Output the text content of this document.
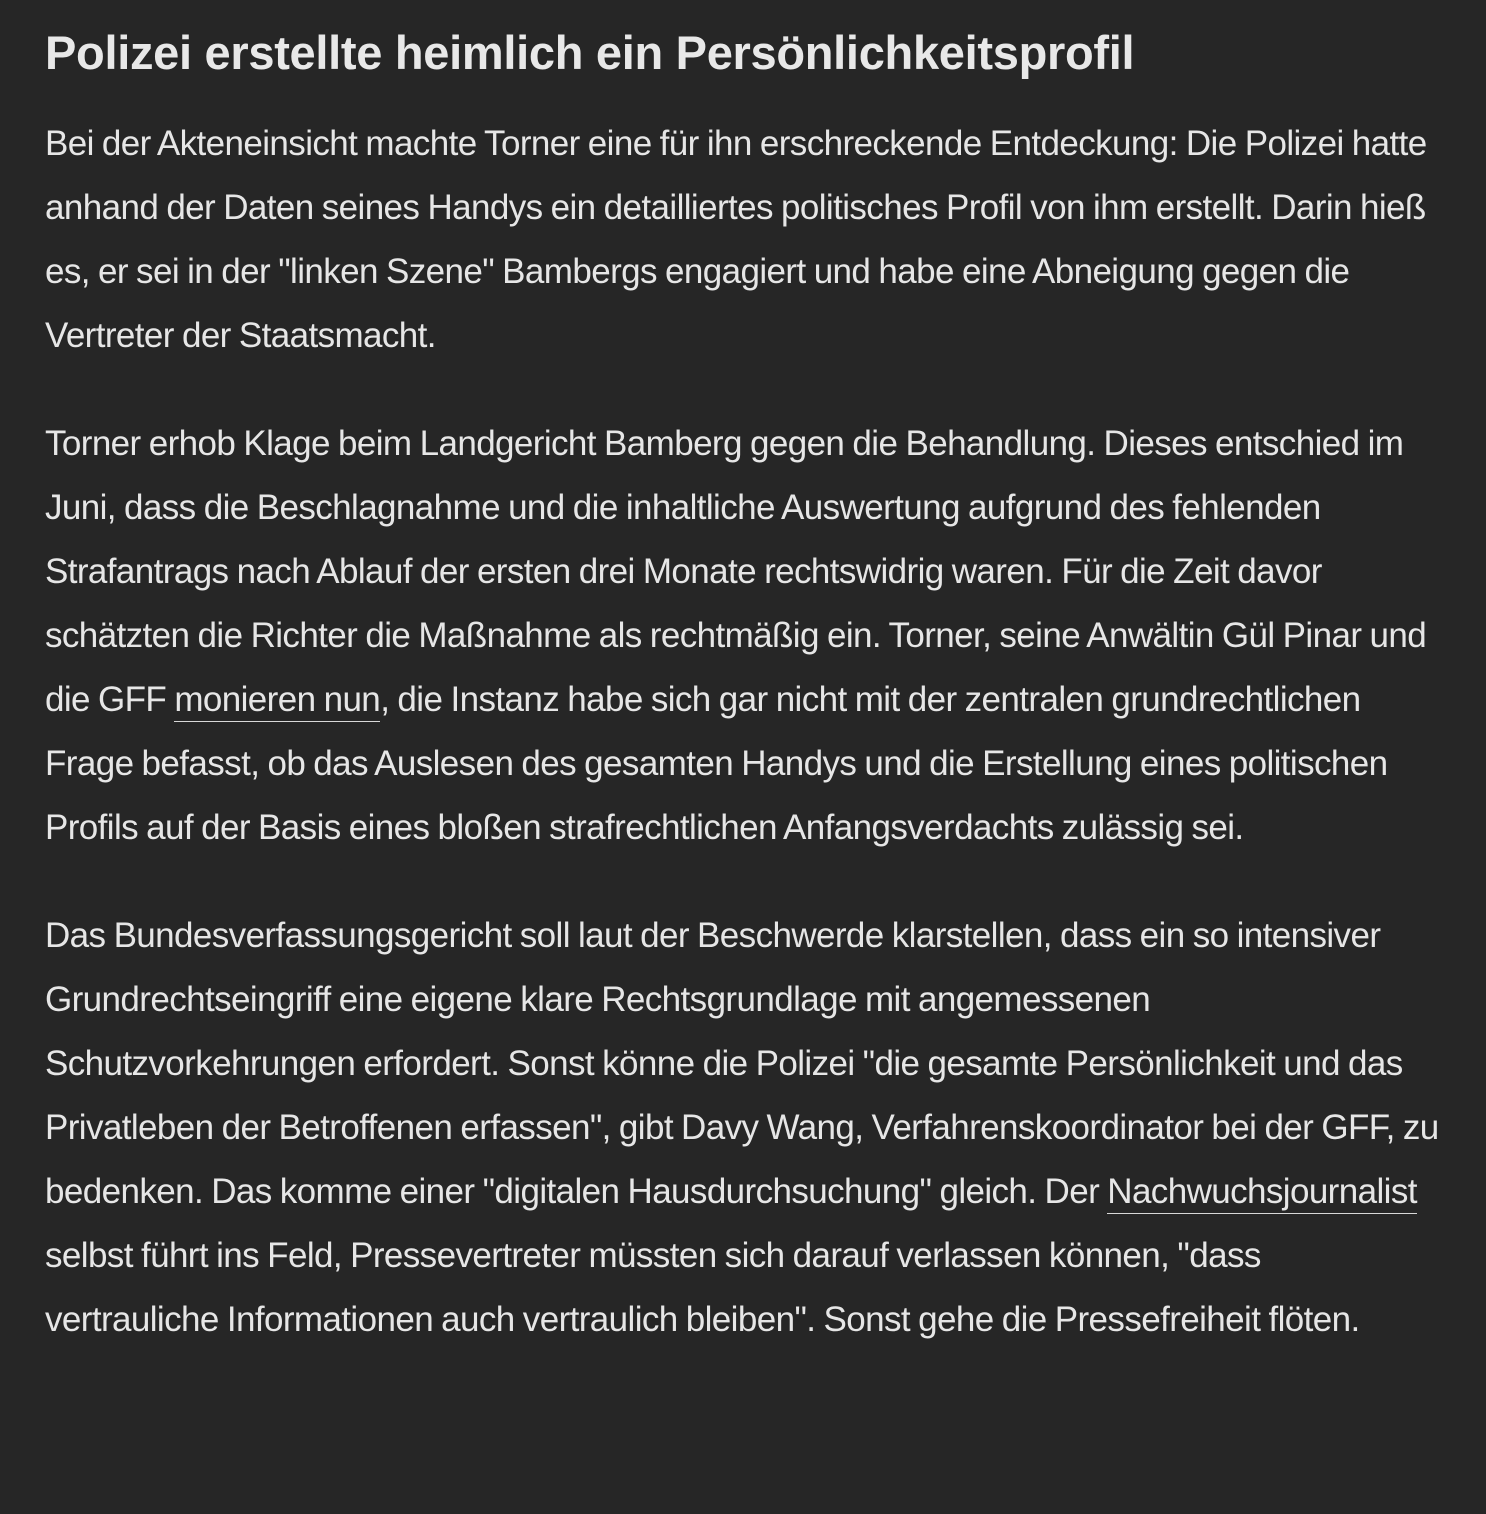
Polizei erstellte heimlich ein Persönlichkeitsprofil

Bei der Akteneinsicht machte Torner eine für ihn erschreckende Entdeckung: Die Polizei hatte anhand der Daten seines Handys ein detailliertes politisches Profil von ihm erstellt. Darin hieß es, er sei in der "linken Szene" Bambergs engagiert und habe eine Abneigung gegen die Vertreter der Staatsmacht.

Torner erhob Klage beim Landgericht Bamberg gegen die Behandlung. Dieses entschied im Juni, dass die Beschlagnahme und die inhaltliche Auswertung aufgrund des fehlenden Strafantrags nach Ablauf der ersten drei Monate rechtswidrig waren. Für die Zeit davor schätzten die Richter die Maßnahme als rechtmäßig ein. Torner, seine Anwältin Gül Pinar und die GFF monieren nun, die Instanz habe sich gar nicht mit der zentralen grundrechtlichen Frage befasst, ob das Auslesen des gesamten Handys und die Erstellung eines politischen Profils auf der Basis eines bloßen strafrechtlichen Anfangsverdachts zulässig sei.

Das Bundesverfassungsgericht soll laut der Beschwerde klarstellen, dass ein so intensiver Grundrechtseingriff eine eigene klare Rechtsgrundlage mit angemessenen Schutzvorkehrungen erfordert. Sonst könne die Polizei "die gesamte Persönlichkeit und das Privatleben der Betroffenen erfassen", gibt Davy Wang, Verfahrenskoordinator bei der GFF, zu bedenken. Das komme einer "digitalen Hausdurchsuchung" gleich. Der Nachwuchsjournalist selbst führt ins Feld, Pressevertreter müssten sich darauf verlassen können, "dass vertrauliche Informationen auch vertraulich bleiben". Sonst gehe die Pressefreiheit flöten.
